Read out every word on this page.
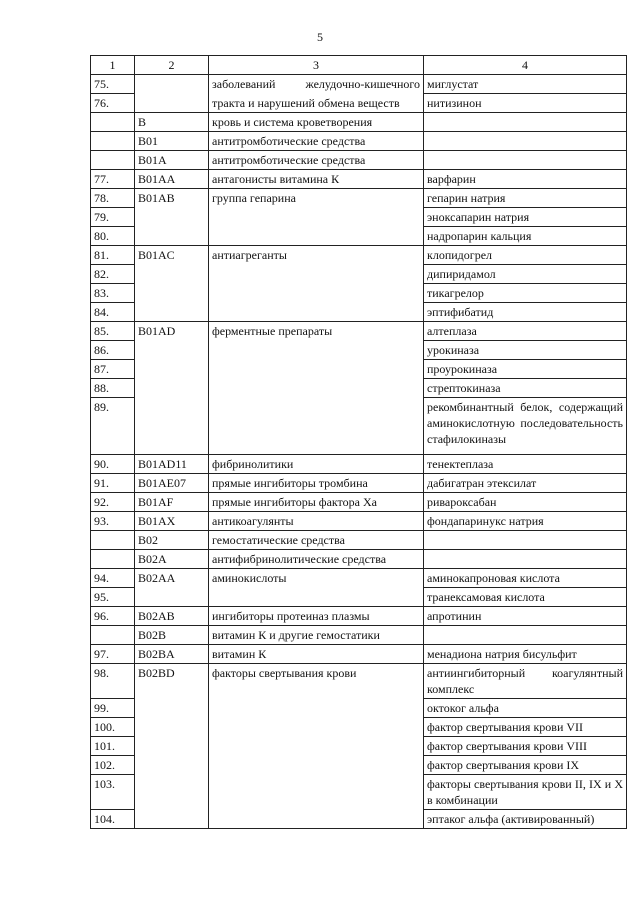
5
1	2	3	4
75.		заболеваний желудочно-кишечного	миглустат
76.		тракта и нарушений обмена веществ	нитизинон
	B	кровь и система кроветворения	
	B01	антитромботические средства	
	B01A	антитромботические средства	
77.	B01AA	антагонисты витамина К	варфарин
78.	B01AB	группа гепарина	гепарин натрия
79.			эноксапарин натрия
80.			надропарин кальция
81.	B01AC	антиагреганты	клопидогрел
82.			дипиридамол
83.			тикагрелор
84.			эптифибатид
85.	B01AD	ферментные препараты	алтеплаза
86.			урокиназа
87.			проурокиназа
88.			стрептокиназа
89.			рекомбинантный белок, содержащий аминокислотную последовательность стафилокиназы
90.	B01AD11	фибринолитики	тенектеплаза
91.	B01AE07	прямые ингибиторы тромбина	дабигатран этексилат
92.	B01AF	прямые ингибиторы фактора Xa	ривароксабан
93.	B01AX	антикоагулянты	фондапаринукс натрия
	B02	гемостатические средства	
	B02A	антифибринолитические средства	
94.	B02AA	аминокислоты	аминокапроновая кислота
95.			транексамовая кислота
96.	B02AB	ингибиторы протеиназ плазмы	апротинин
	B02B	витамин К и другие гемостатики	
97.	B02BA	витамин К	менадиона натрия бисульфит
98.	B02BD	факторы свертывания крови	антиингибиторный коагулянтный комплекс
99.			октоког альфа
100.			фактор свертывания крови VII
101.			фактор свертывания крови VIII
102.			фактор свертывания крови IX
103.			факторы свертывания крови II, IX и X в комбинации
104.			эптаког альфа (активированный)
